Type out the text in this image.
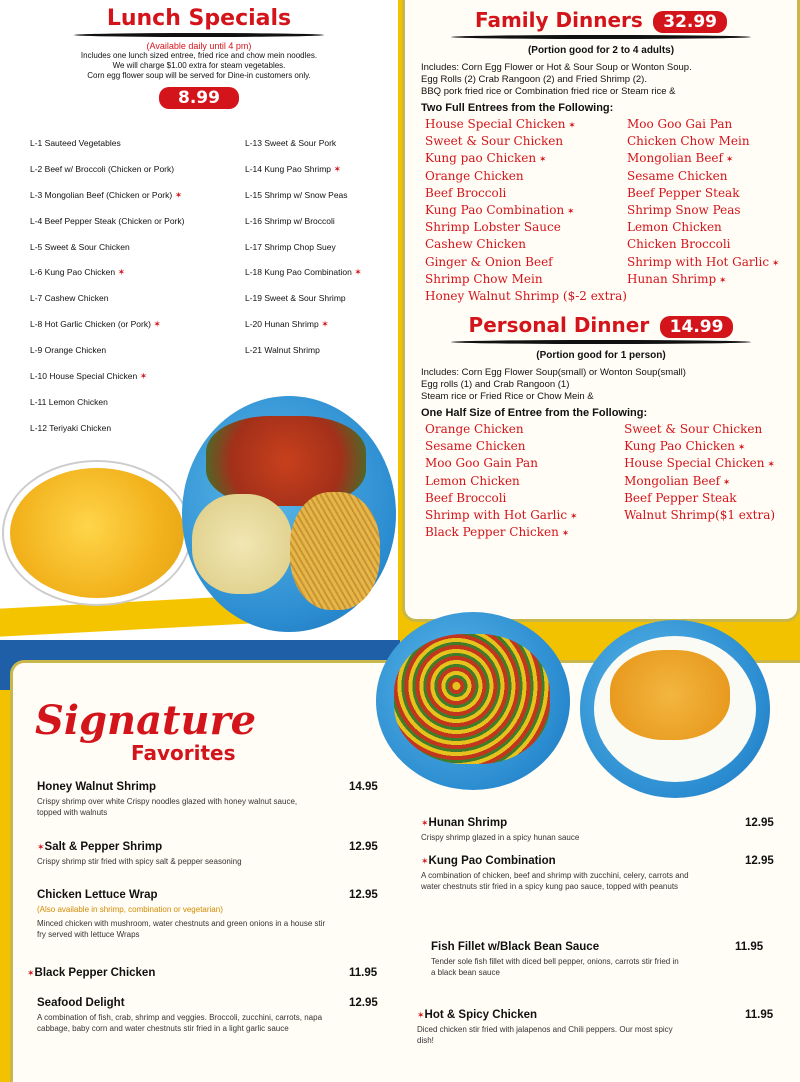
Lunch Specials
(Available daily until 4 pm)
Includes one lunch sized entree, fried rice and chow mein noodles.
We will charge $1.00 extra for steam vegetables.
Corn egg flower soup will be served for Dine-in customers only.
8.99
L-1 Sauteed Vegetables
L-2 Beef w/ Broccoli (Chicken or Pork)
L-3 Mongolian Beef (Chicken or Pork) ✶
L-4 Beef Pepper Steak (Chicken or Pork)
L-5 Sweet & Sour Chicken
L-6 Kung Pao Chicken ✶
L-7 Cashew Chicken
L-8 Hot Garlic Chicken (or Pork) ✶
L-9 Orange Chicken
L-10 House Special Chicken ✶
L-11 Lemon Chicken
L-12 Teriyaki Chicken
L-13 Sweet & Sour Pork
L-14 Kung Pao Shrimp ✶
L-15 Shrimp w/ Snow Peas
L-16 Shrimp w/ Broccoli
L-17 Shrimp Chop Suey
L-18 Kung Pao Combination ✶
L-19 Sweet & Sour Shrimp
L-20 Hunan Shrimp ✶
L-21 Walnut Shrimp
Family Dinners 32.99
(Portion good for 2 to 4 adults)
Includes: Corn Egg Flower or Hot & Sour Soup or Wonton Soup.
Egg Rolls (2) Crab Rangoon (2) and Fried Shrimp (2).
BBQ pork fried rice or Combination fried rice or Steam rice &
Two Full Entrees from the Following:
House Special Chicken ✶
Sweet & Sour Chicken
Kung pao Chicken ✶
Orange Chicken
Beef Broccoli
Kung Pao Combination ✶
Shrimp Lobster Sauce
Cashew Chicken
Ginger & Onion Beef
Shrimp Chow Mein
Honey Walnut Shrimp ($-2 extra)
Moo Goo Gai Pan
Chicken Chow Mein
Mongolian Beef ✶
Sesame Chicken
Beef Pepper Steak
Shrimp Snow Peas
Lemon Chicken
Chicken Broccoli
Shrimp with Hot Garlic ✶
Hunan Shrimp ✶
Personal Dinner 14.99
(Portion good for 1 person)
Includes: Corn Egg Flower Soup(small) or Wonton Soup(small)
Egg rolls (1) and Crab Rangoon (1)
Steam rice or Fried Rice or Chow Mein &
One Half Size of Entree from the Following:
Orange Chicken
Sesame Chicken
Moo Goo Gain Pan
Lemon Chicken
Beef Broccoli
Shrimp with Hot Garlic ✶
Black Pepper Chicken ✶
Sweet & Sour Chicken
Kung Pao Chicken ✶
House Special Chicken ✶
Mongolian Beef ✶
Beef Pepper Steak
Walnut Shrimp($1 extra)
Signature
Favorites
Honey Walnut Shrimp
Crispy shrimp over white Crispy noodles glazed with honey walnut sauce, topped with walnuts
14.95
✶Salt & Pepper Shrimp
Crispy shrimp stir fried with spicy salt & pepper seasoning
12.95
Chicken Lettuce Wrap
(Also available in shrimp, combination or vegetarian)
Minced chicken with mushroom, water chestnuts and green onions in a house stir fry served with lettuce Wraps
12.95
✶Black Pepper Chicken	11.95
Seafood Delight
A combination of fish, crab, shrimp and veggies. Broccoli, zucchini, carrots, napa cabbage, baby corn and water chestnuts stir fried in a light garlic sauce
12.95
✶Hunan Shrimp
Crispy shrimp glazed in a spicy hunan sauce
12.95
✶Kung Pao Combination
A combination of chicken, beef and shrimp with zucchini, celery, carrots and water chestnuts stir fried in a spicy kung pao sauce, topped with peanuts
12.95
Fish Fillet w/Black Bean Sauce
Tender sole fish fillet with diced bell pepper, onions, carrots stir fried in a black bean sauce
11.95
✶Hot & Spicy Chicken
Diced chicken stir fried with jalapenos and Chili peppers. Our most spicy dish!
11.95
